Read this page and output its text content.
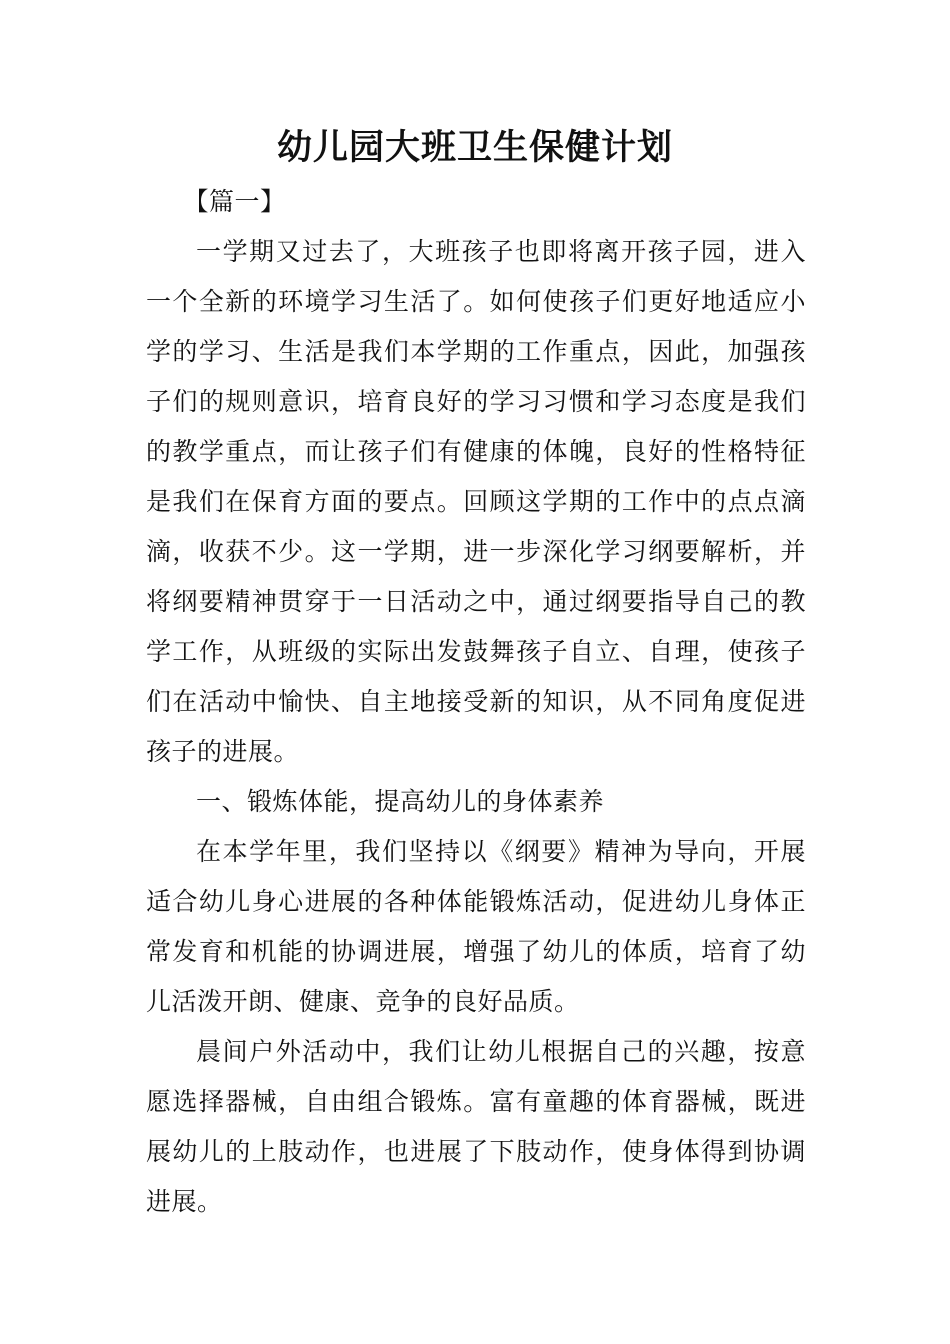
幼儿园大班卫生保健计划

【篇一】

一学期又过去了，大班孩子也即将离开孩子园，进入一个全新的环境学习生活了。如何使孩子们更好地适应小学的学习、生活是我们本学期的工作重点，因此，加强孩子们的规则意识，培育良好的学习习惯和学习态度是我们的教学重点，而让孩子们有健康的体魄，良好的性格特征是我们在保育方面的要点。回顾这学期的工作中的点点滴滴，收获不少。这一学期，进一步深化学习纲要解析，并将纲要精神贯穿于一日活动之中，通过纲要指导自己的教学工作，从班级的实际出发鼓舞孩子自立、自理，使孩子们在活动中愉快、自主地接受新的知识，从不同角度促进孩子的进展。

一、锻炼体能，提高幼儿的身体素养

在本学年里，我们坚持以《纲要》精神为导向，开展适合幼儿身心进展的各种体能锻炼活动，促进幼儿身体正常发育和机能的协调进展，增强了幼儿的体质，培育了幼儿活泼开朗、健康、竞争的良好品质。

晨间户外活动中，我们让幼儿根据自己的兴趣，按意愿选择器械，自由组合锻炼。富有童趣的体育器械，既进展幼儿的上肢动作，也进展了下肢动作，使身体得到协调进展。
